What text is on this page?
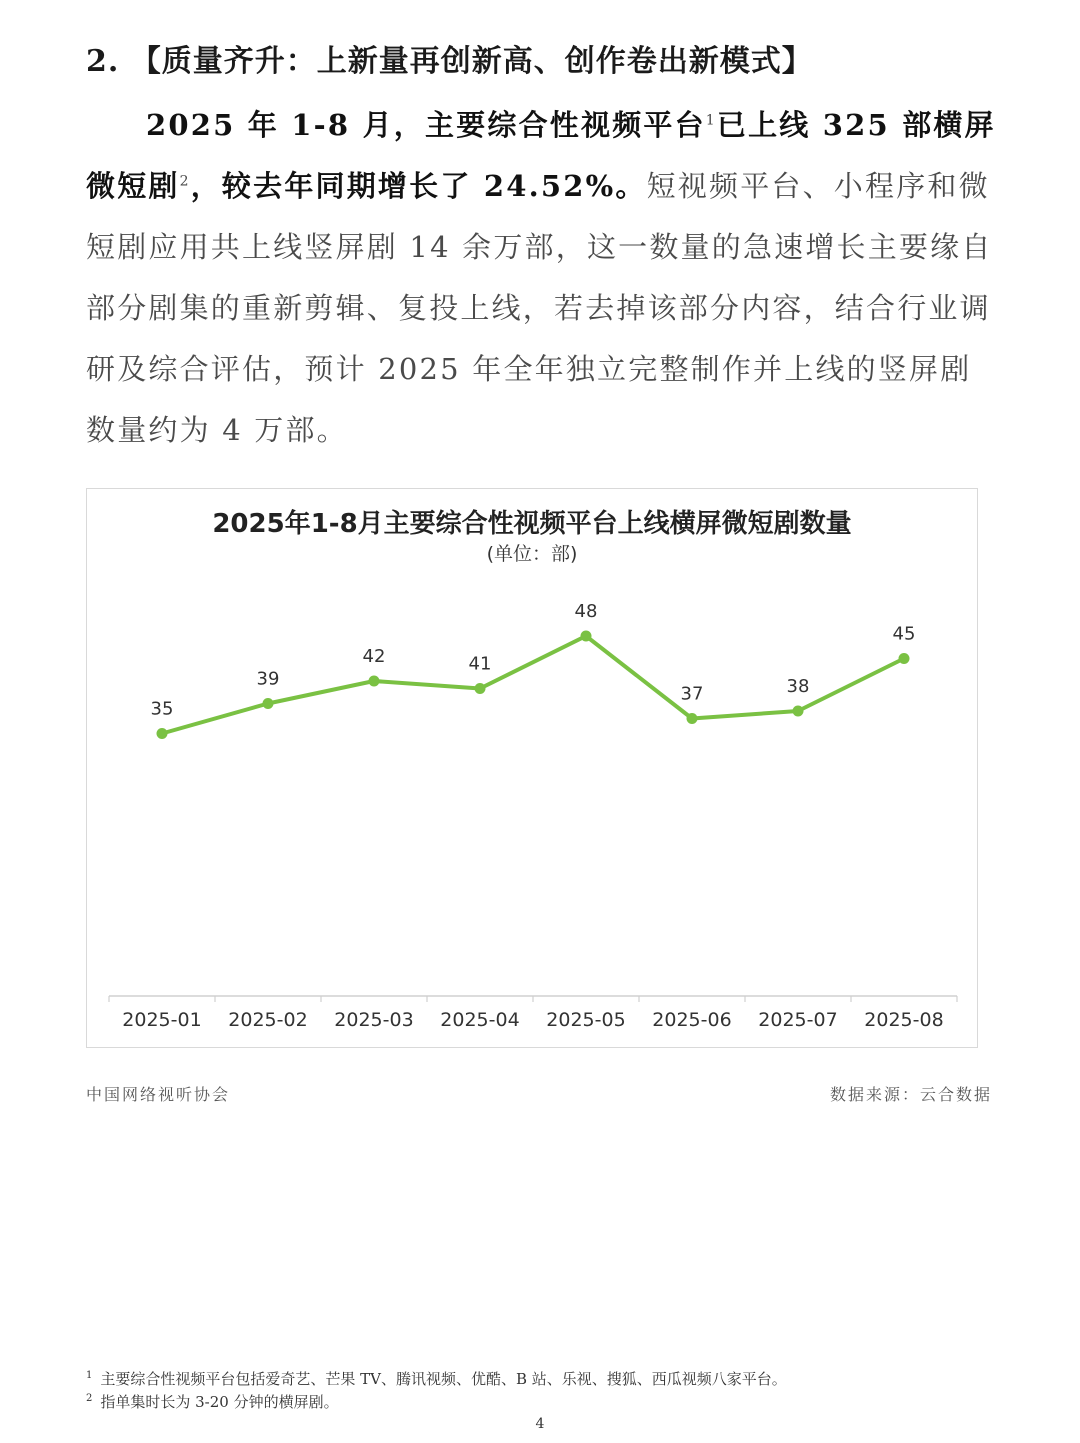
2. 【质量齐升：上新量再创新高、创作卷出新模式】
2025 年 1-8 月，主要综合性视频平台$^1$已上线 325 部横屏微短剧$^2$，较去年同期增长了 24.52%。短视频平台、小程序和微短剧应用共上线竖屏剧 14 余万部，这一数量的急速增长主要缘自部分剧集的重新剪辑、复投上线，若去掉该部分内容，结合行业调研及综合评估，预计 2025 年全年独立完整制作并上线的竖屏剧数量约为 4 万部。
2025-01 2025-02 2025-03 2025-04 2025-05 2025-06 2025-07 2025-08
35
39
42	41
48
37	38
45
2025年1-8月主要综合性视频平台上线横屏微短剧数量
(单位：部)
中国网络视听协会	数据来源：云合数据
$^1$ 主要综合性视频平台包括爱奇艺、芒果 TV、腾讯视频、优酷、B 站、乐视、搜狐、西瓜视频八家平台。
$^2$ 指单集时长为 3-20 分钟的横屏剧。
4
